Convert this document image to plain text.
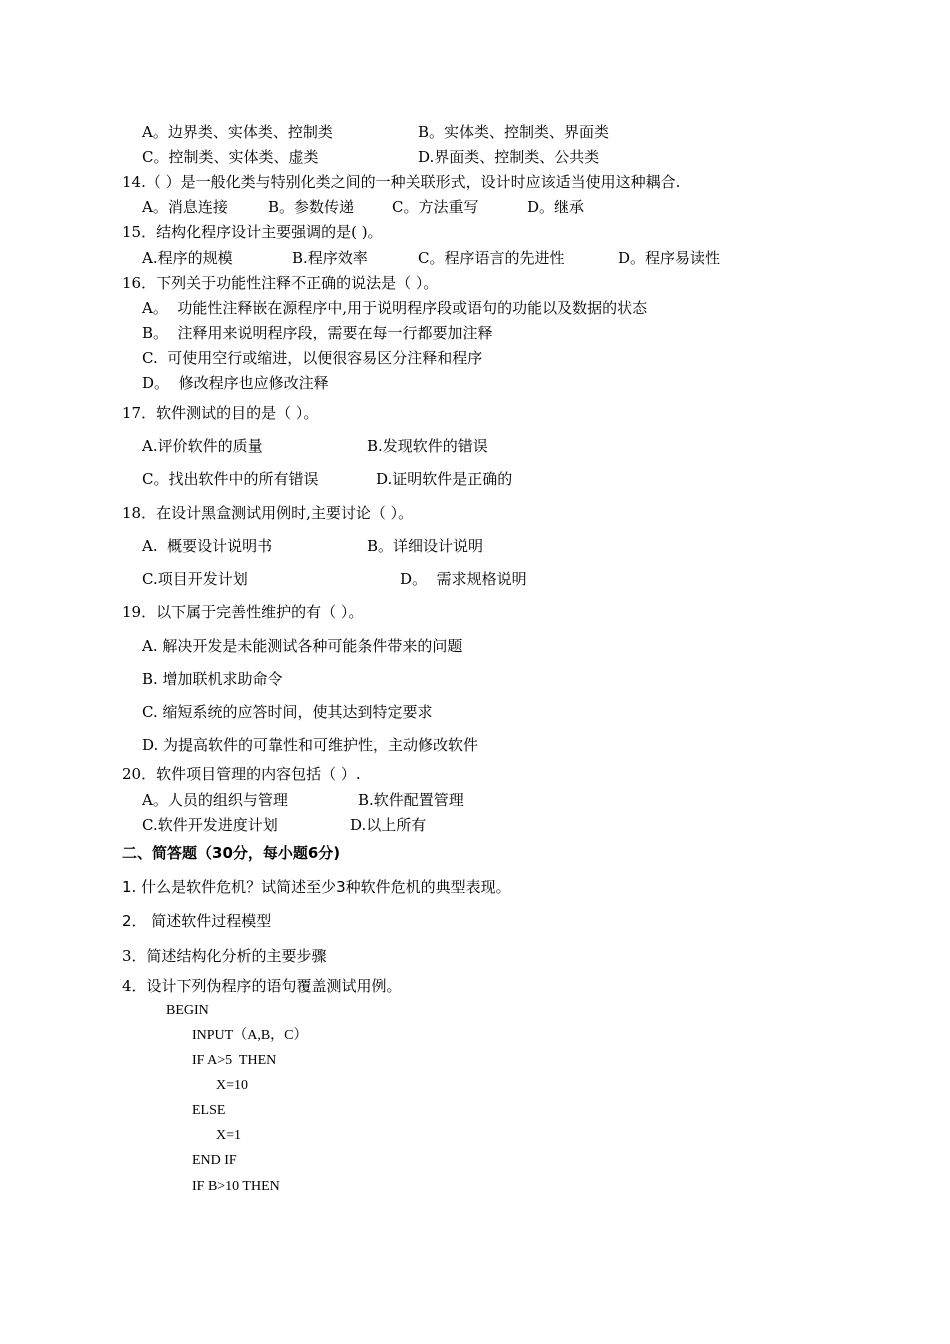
A。边界类、实体类、控制类	B。实体类、控制类、界面类
C。控制类、实体类、虚类	D.界面类、控制类、公共类
14.（ ）是一般化类与特别化类之间的一种关联形式，设计时应该适当使用这种耦合.
A。消息连接	B。参数传递	C。方法重写	D。继承
15．结构化程序设计主要强调的是( )。
A.程序的规模	B.程序效率	C。程序语言的先进性	D。程序易读性
16．下列关于功能性注释不正确的说法是（ ）。
A。  功能性注释嵌在源程序中,用于说明程序段或语句的功能以及数据的状态
B。  注释用来说明程序段，需要在每一行都要加注释
C.  可使用空行或缩进，以便很容易区分注释和程序
D。  修改程序也应修改注释
17．软件测试的目的是（ ）。
A.评价软件的质量	B.发现软件的错误
C。找出软件中的所有错误	D.证明软件是正确的
18．在设计黑盒测试用例时,主要讨论（ ）。
A.  概要设计说明书	B。详细设计说明
C.项目开发计划	D。  需求规格说明
19．以下属于完善性维护的有（ ）。
A. 解决开发是未能测试各种可能条件带来的问题
B. 增加联机求助命令
C. 缩短系统的应答时间，使其达到特定要求
D. 为提高软件的可靠性和可维护性，主动修改软件
20．软件项目管理的内容包括（ ）.
A。人员的组织与管理	B.软件配置管理
C.软件开发进度计划	D.以上所有
二、简答题（30分，每小题6分)
1. 什么是软件危机？试简述至少3种软件危机的典型表现。
2． 简述软件过程模型
3．简述结构化分析的主要步骤
4．设计下列伪程序的语句覆盖测试用例。
BEGIN
INPUT（A,B，C）
IF A>5  THEN
X=10
ELSE
X=1
END IF
IF B>10 THEN
